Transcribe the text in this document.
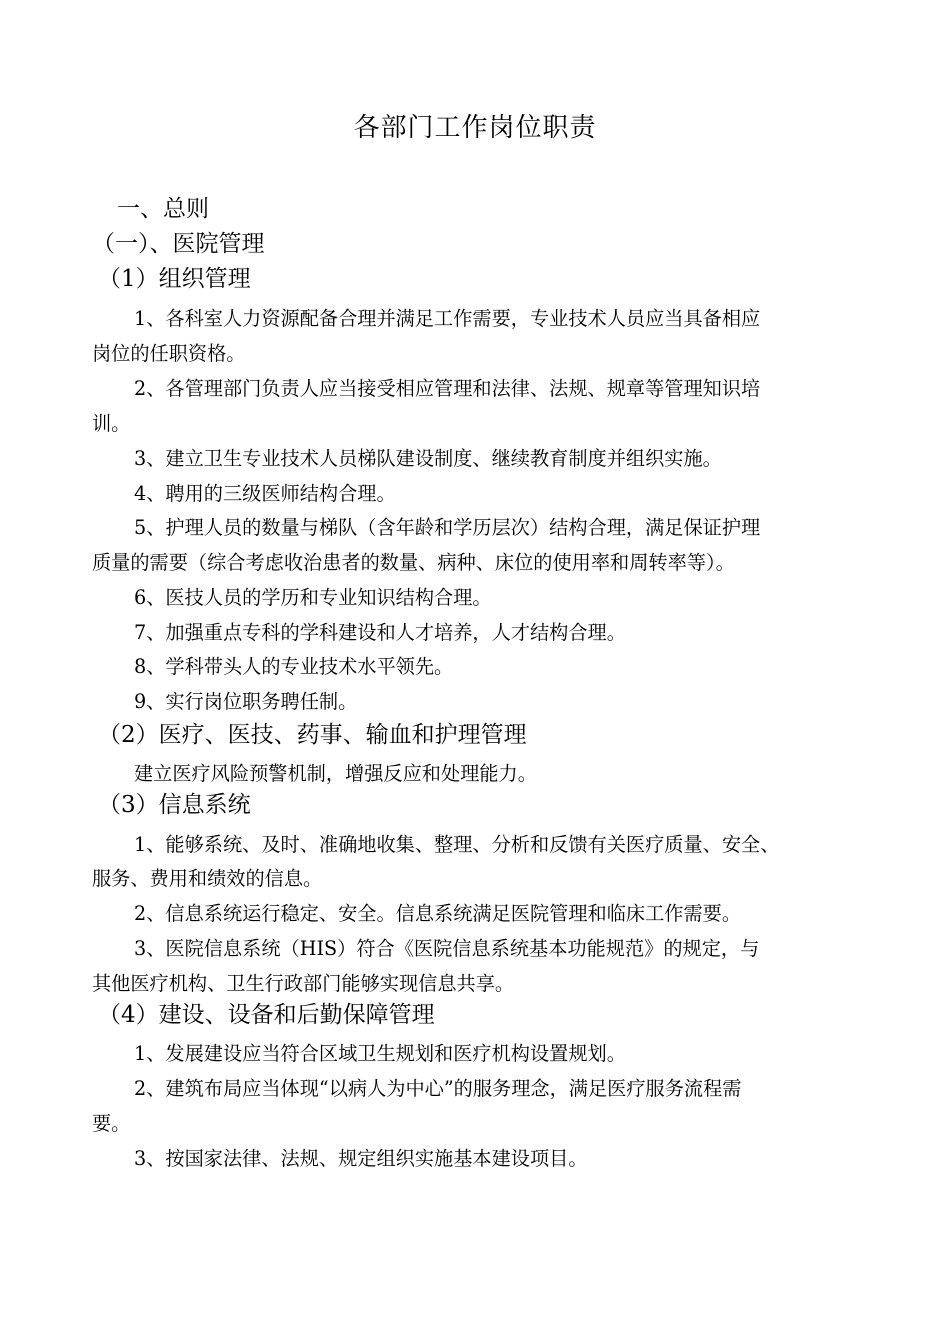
各部门工作岗位职责
一、总则
（一）、医院管理
（1）组织管理
1、各科室人力资源配备合理并满足工作需要，专业技术人员应当具备相应
岗位的任职资格。
2、各管理部门负责人应当接受相应管理和法律、法规、规章等管理知识培
训。
3、建立卫生专业技术人员梯队建设制度、继续教育制度并组织实施。
4、聘用的三级医师结构合理。
5、护理人员的数量与梯队（含年龄和学历层次）结构合理，满足保证护理
质量的需要（综合考虑收治患者的数量、病种、床位的使用率和周转率等）。
6、医技人员的学历和专业知识结构合理。
7、加强重点专科的学科建设和人才培养，人才结构合理。
8、学科带头人的专业技术水平领先。
9、实行岗位职务聘任制。
（2）医疗、医技、药事、输血和护理管理
建立医疗风险预警机制，增强反应和处理能力。
（3）信息系统
1、能够系统、及时、准确地收集、整理、分析和反馈有关医疗质量、安全、
服务、费用和绩效的信息。
2、信息系统运行稳定、安全。信息系统满足医院管理和临床工作需要。
3、医院信息系统（HIS）符合《医院信息系统基本功能规范》的规定，与
其他医疗机构、卫生行政部门能够实现信息共享。
（4）建设、设备和后勤保障管理
1、发展建设应当符合区域卫生规划和医疗机构设置规划。
2、建筑布局应当体现“以病人为中心”的服务理念，满足医疗服务流程需
要。
3、按国家法律、法规、规定组织实施基本建设项目。
